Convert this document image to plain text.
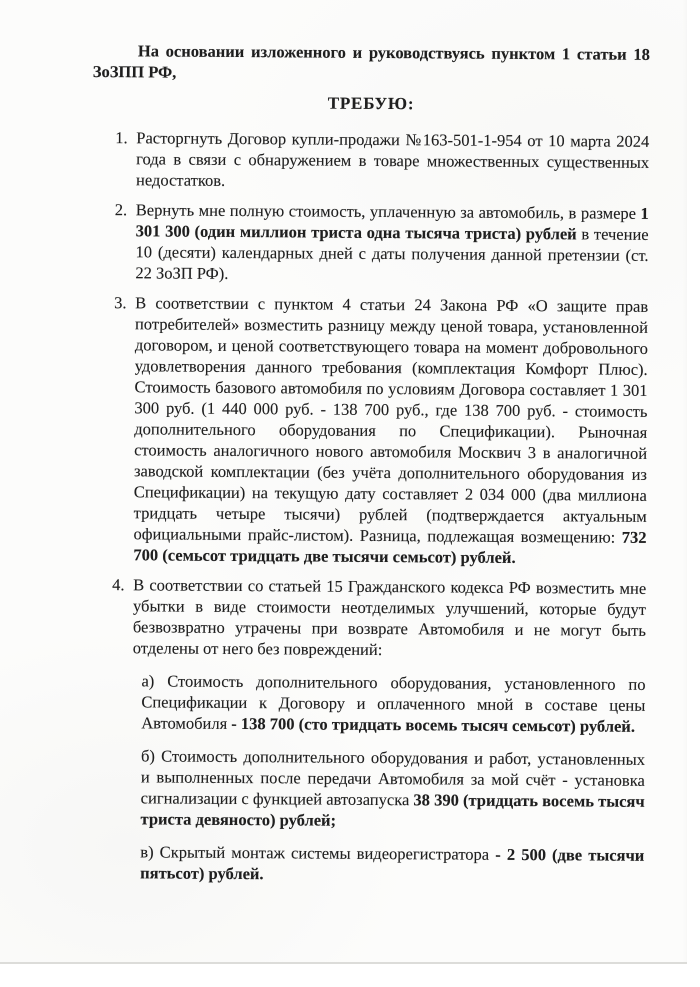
На основании изложенного и руководствуясь пунктом 1 статьи 18 ЗоЗПП РФ,

ТРЕБУЮ:

1. Расторгнуть Договор купли-продажи №163-501-1-954 от 10 марта 2024 года в связи с обнаружением в товаре множественных существенных недостатков.
2. Вернуть мне полную стоимость, уплаченную за автомобиль, в размере 1 301 300 (один миллион триста одна тысяча триста) рублей в течение 10 (десяти) календарных дней с даты получения данной претензии (ст. 22 ЗоЗП РФ).
3. В соответствии с пунктом 4 статьи 24 Закона РФ «О защите прав потребителей» возместить разницу между ценой товара, установленной договором, и ценой соответствующего товара на момент добровольного удовлетворения данного требования (комплектация Комфорт Плюс). Стоимость базового автомобиля по условиям Договора составляет 1 301 300 руб. (1 440 000 руб. - 138 700 руб., где 138 700 руб. - стоимость дополнительного оборудования по Спецификации). Рыночная стоимость аналогичного нового автомобиля Москвич 3 в аналогичной заводской комплектации (без учёта дополнительного оборудования из Спецификации) на текущую дату составляет 2 034 000 (два миллиона тридцать четыре тысячи) рублей (подтверждается актуальным официальными прайс-листом). Разница, подлежащая возмещению: 732 700 (семьсот тридцать две тысячи семьсот) рублей.
4. В соответствии со статьей 15 Гражданского кодекса РФ возместить мне убытки в виде стоимости неотделимых улучшений, которые будут безвозвратно утрачены при возврате Автомобиля и не могут быть отделены от него без повреждений:
а) Стоимость дополнительного оборудования, установленного по Спецификации к Договору и оплаченного мной в составе цены Автомобиля - 138 700 (сто тридцать восемь тысяч семьсот) рублей.
б) Стоимость дополнительного оборудования и работ, установленных и выполненных после передачи Автомобиля за мой счёт - установка сигнализации с функцией автозапуска 38 390 (тридцать восемь тысяч триста девяносто) рублей;
в) Скрытый монтаж системы видеорегистратора - 2 500 (две тысячи пятьсот) рублей.
